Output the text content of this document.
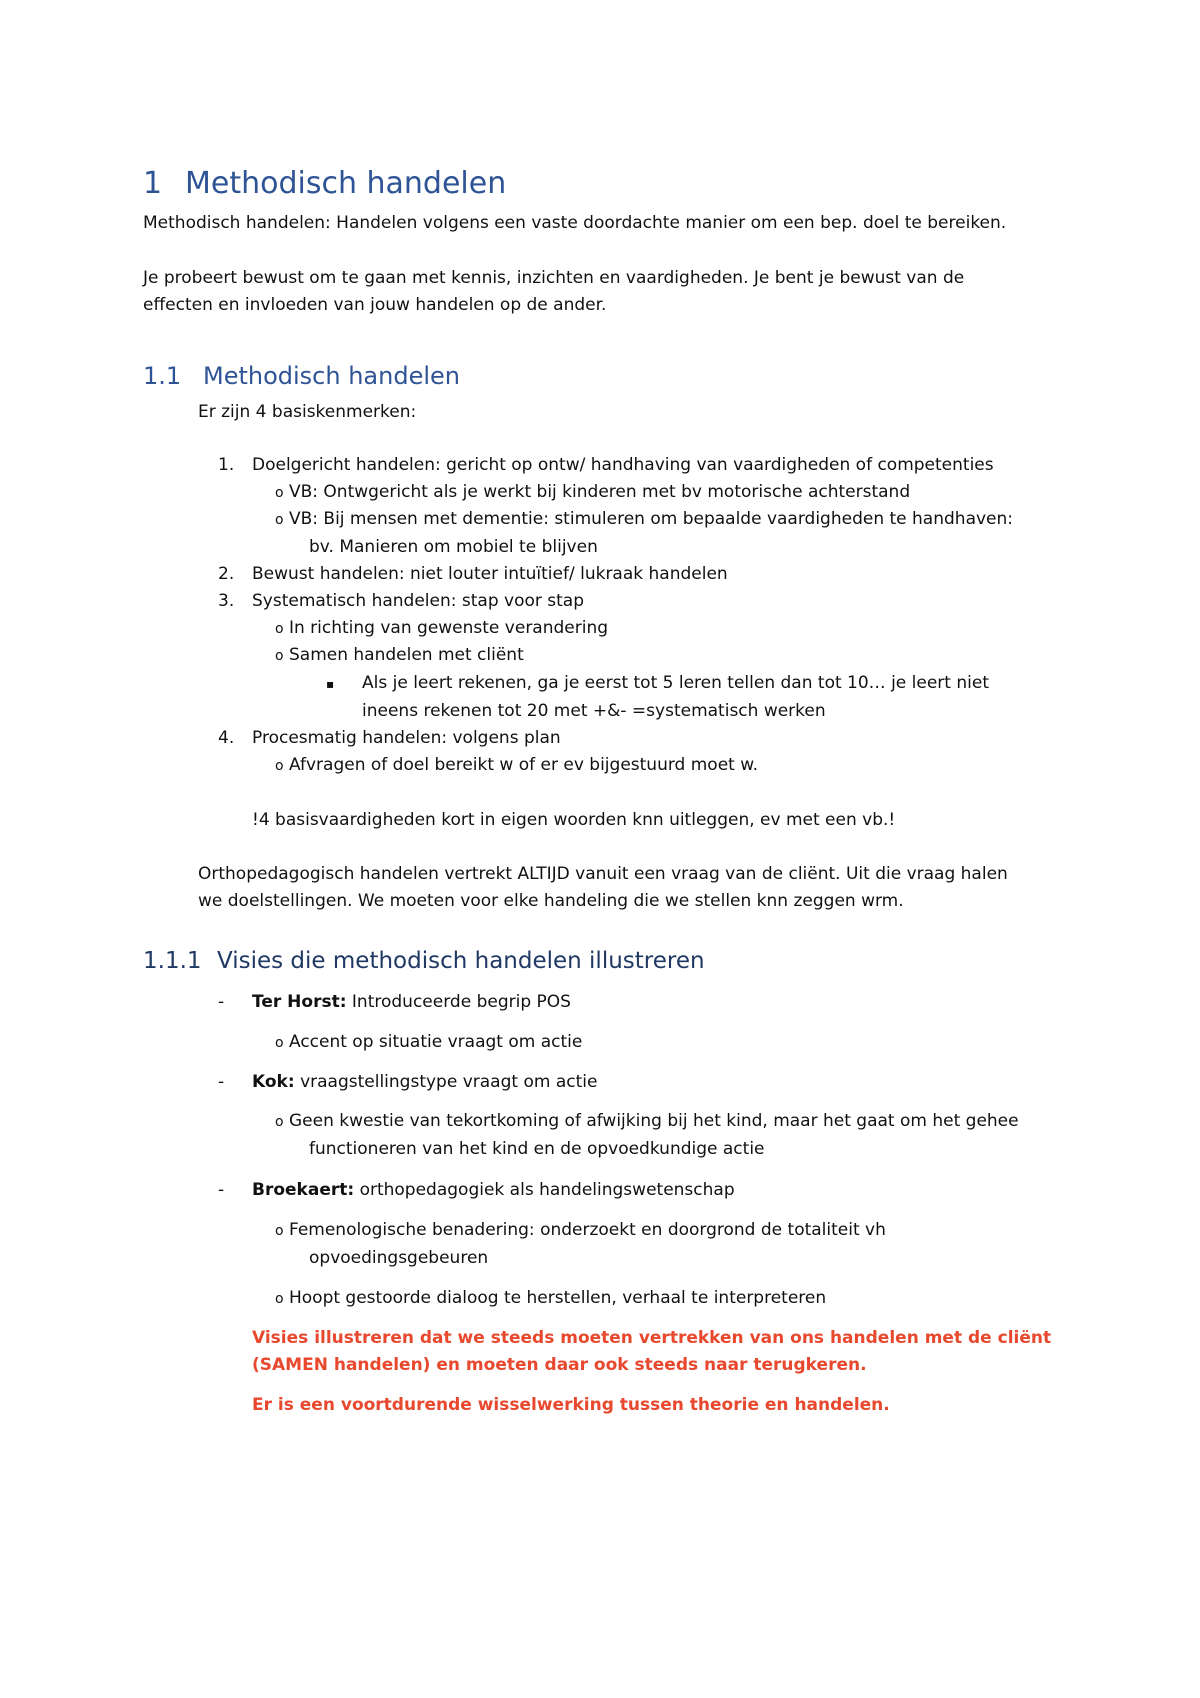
1 Methodisch handelen
Methodisch handelen: Handelen volgens een vaste doordachte manier om een bep. doel te bereiken.
Je probeert bewust om te gaan met kennis, inzichten en vaardigheden. Je bent je bewust van de
effecten en invloeden van jouw handelen op de ander.
1.1 Methodisch handelen
Er zijn 4 basiskenmerken:
1. Doelgericht handelen: gericht op ontw/ handhaving van vaardigheden of competenties
o VB: Ontwgericht als je werkt bij kinderen met bv motorische achterstand
o VB: Bij mensen met dementie: stimuleren om bepaalde vaardigheden te handhaven:
bv. Manieren om mobiel te blijven
2. Bewust handelen: niet louter intuïtief/ lukraak handelen
3. Systematisch handelen: stap voor stap
o In richting van gewenste verandering
o Samen handelen met cliënt
▪ Als je leert rekenen, ga je eerst tot 5 leren tellen dan tot 10… je leert niet
ineens rekenen tot 20 met +&- =systematisch werken
4. Procesmatig handelen: volgens plan
o Afvragen of doel bereikt w of er ev bijgestuurd moet w.
!4 basisvaardigheden kort in eigen woorden knn uitleggen, ev met een vb.!
Orthopedagogisch handelen vertrekt ALTIJD vanuit een vraag van de cliënt. Uit die vraag halen
we doelstellingen. We moeten voor elke handeling die we stellen knn zeggen wrm.
1.1.1 Visies die methodisch handelen illustreren
- Ter Horst: Introduceerde begrip POS
o Accent op situatie vraagt om actie
- Kok: vraagstellingstype vraagt om actie
o Geen kwestie van tekortkoming of afwijking bij het kind, maar het gaat om het gehee
functioneren van het kind en de opvoedkundige actie
- Broekaert: orthopedagogiek als handelingswetenschap
o Femenologische benadering: onderzoekt en doorgrond de totaliteit vh
opvoedingsgebeuren
o Hoopt gestoorde dialoog te herstellen, verhaal te interpreteren
Visies illustreren dat we steeds moeten vertrekken van ons handelen met de cliënt
(SAMEN handelen) en moeten daar ook steeds naar terugkeren.
Er is een voortdurende wisselwerking tussen theorie en handelen.
